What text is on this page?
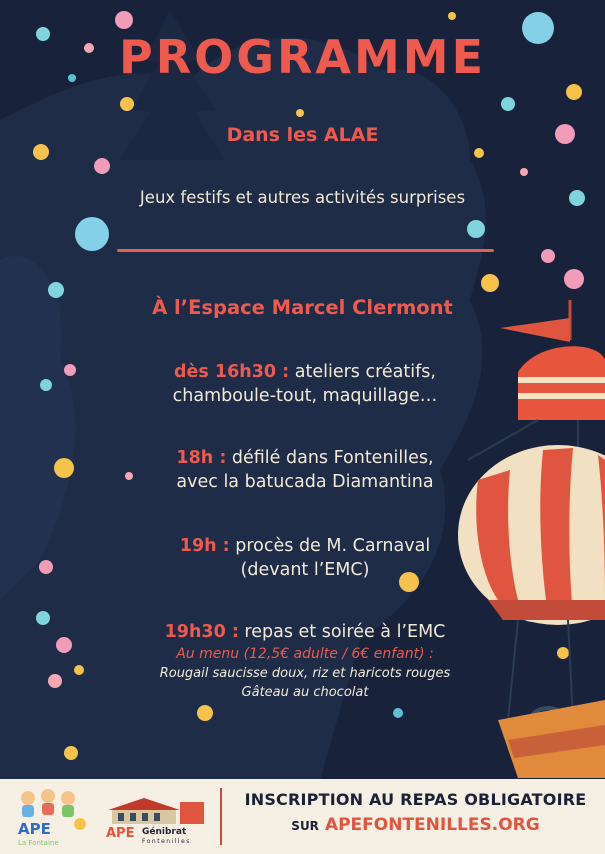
PROGRAMME
Dans les ALAE
Jeux festifs et autres activités surprises
À l’Espace Marcel Clermont
dès 16h30 : ateliers créatifs,
chamboule-tout, maquillage…
18h : défilé dans Fontenilles,
avec la batucada Diamantina
19h : procès de M. Carnaval
(devant l’EMC)
19h30 : repas et soirée à l’EMC
Au menu (12,5€ adulte / 6€ enfant) :
Rougail saucisse doux, riz et haricots rouges
Gâteau au chocolat
APE
La Fontaine
APE Génibrat
Fontenilles
INSCRIPTION AU REPAS OBLIGATOIRE
SUR APEFONTENILLES.ORG
